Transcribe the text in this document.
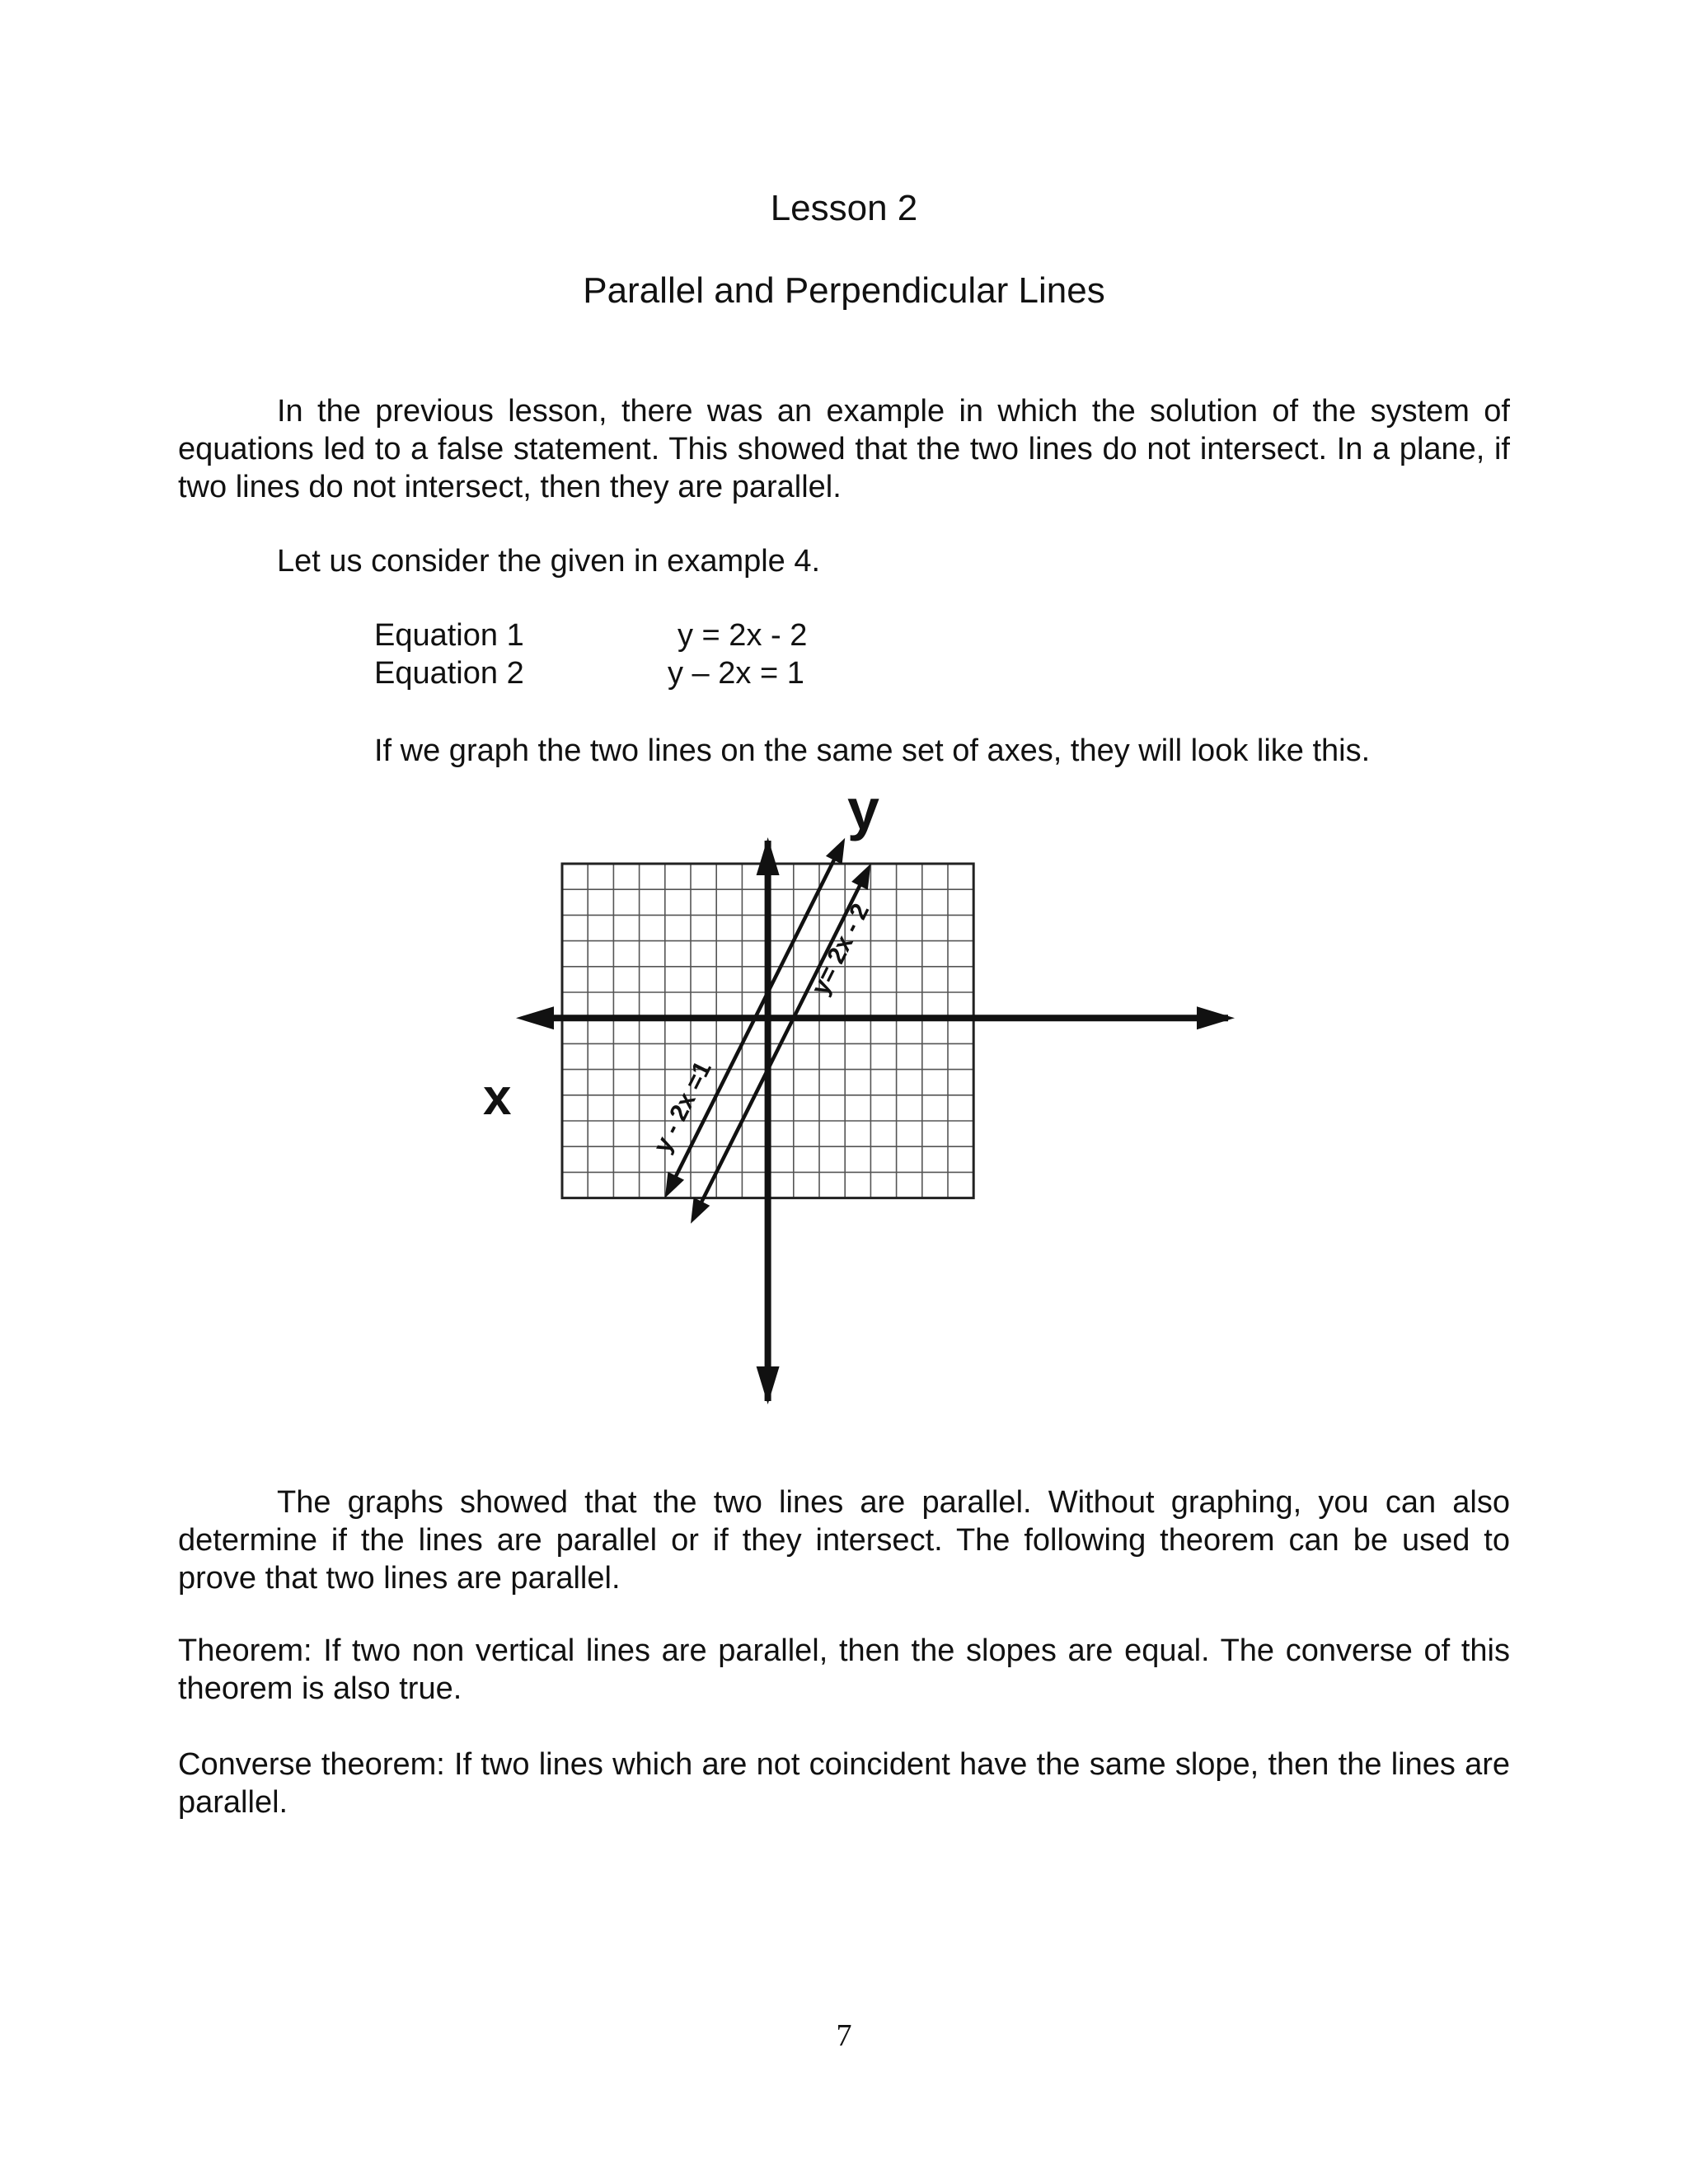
Lesson 2
Parallel and Perpendicular Lines
In the previous lesson, there was an example in which the solution of the system of equations led to a false statement. This showed that the two lines do not intersect. In a plane, if two lines do not intersect, then they are parallel.
Let us consider the given in example 4.
Equation 1	y = 2x - 2
Equation 2	y – 2x = 1
If we graph the two lines on the same set of axes, they will look like this.
y - 2x =1
y= 2x - 2
x
y
The graphs showed that the two lines are parallel. Without graphing, you can also determine if the lines are parallel or if they intersect. The following theorem can be used to prove that two lines are parallel.
Theorem: If two non vertical lines are parallel, then the slopes are equal. The converse of this theorem is also true.
Converse theorem: If two lines which are not coincident have the same slope, then the lines are parallel.
7
